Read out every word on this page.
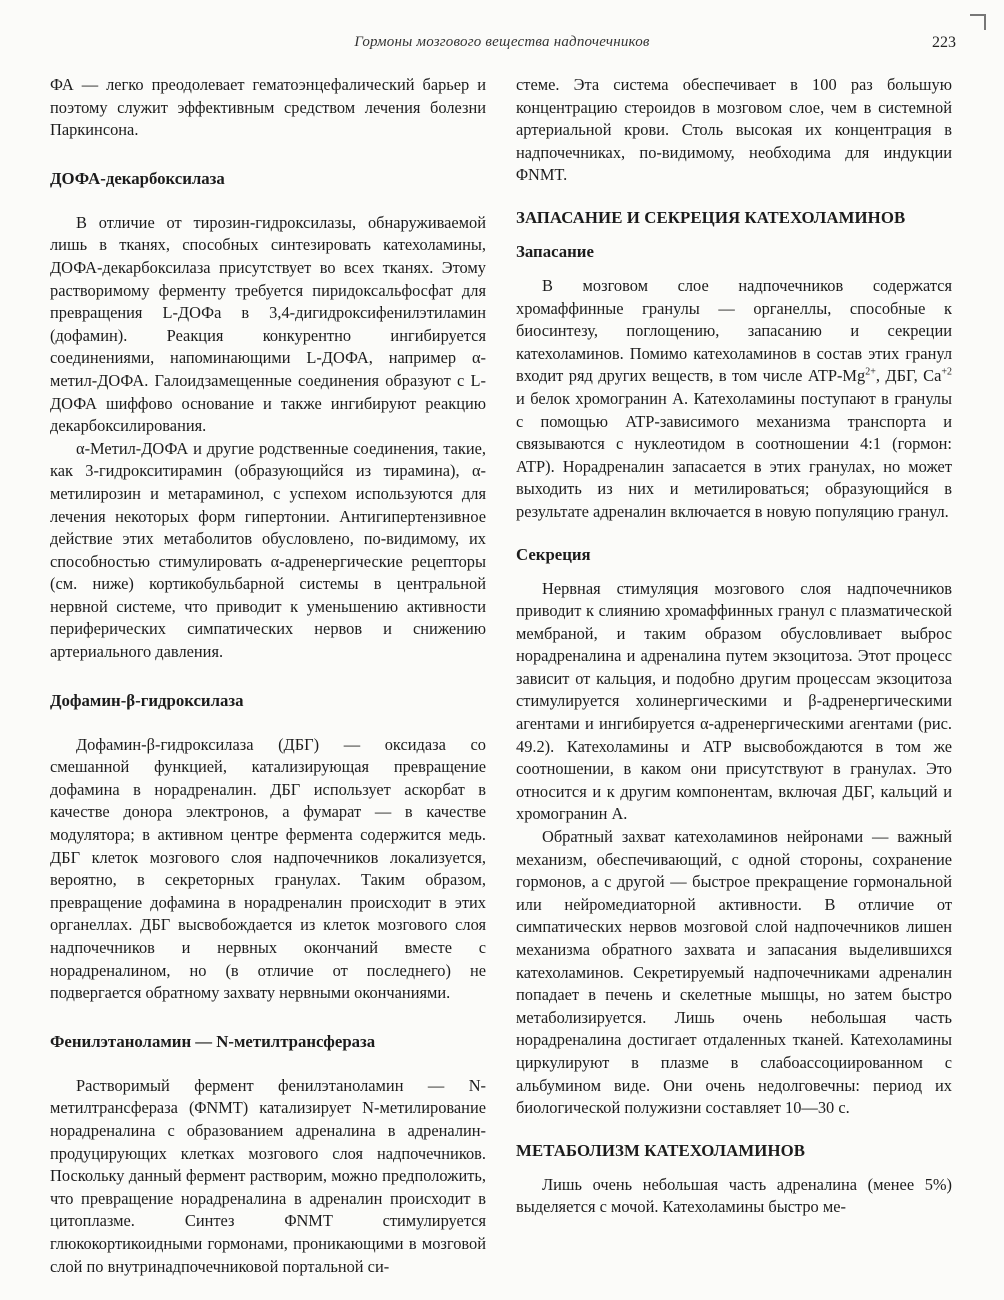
Гормоны мозгового вещества надпочечников	223

ФА — легко преодолевает гематоэнцефалический барьер и поэтому служит эффективным средством лечения болезни Паркинсона.

ДОФА-декарбоксилаза

В отличие от тирозин-гидроксилазы, обнаруживаемой лишь в тканях, способных синтезировать катехоламины, ДОФА-декарбоксилаза присутствует во всех тканях. Этому растворимому ферменту требуется пиридоксальфосфат для превращения L-ДОФа в 3,4-дигидроксифенилэтиламин (дофамин). Реакция конкурентно ингибируется соединениями, напоминающими L-ДОФА, например α-метил-ДОФА. Галоидзамещенные соединения образуют с L-ДОФА шиффово основание и также ингибируют реакцию декарбоксилирования.

α-Метил-ДОФА и другие родственные соединения, такие, как 3-гидрокситирамин (образующийся из тирамина), α-метилирозин и метараминол, с успехом используются для лечения некоторых форм гипертонии. Антигипертензивное действие этих метаболитов обусловлено, по-видимому, их способностью стимулировать α-адренергические рецепторы (см. ниже) кортикобульбарной системы в центральной нервной системе, что приводит к уменьшению активности периферических симпатических нервов и снижению артериального давления.

Дофамин-β-гидроксилаза

Дофамин-β-гидроксилаза (ДБГ) — оксидаза со смешанной функцией, катализирующая превращение дофамина в норадреналин. ДБГ использует аскорбат в качестве донора электронов, а фумарат — в качестве модулятора; в активном центре фермента содержится медь. ДБГ клеток мозгового слоя надпочечников локализуется, вероятно, в секреторных гранулах. Таким образом, превращение дофамина в норадреналин происходит в этих органеллах. ДБГ высвобождается из клеток мозгового слоя надпочечников и нервных окончаний вместе с норадреналином, но (в отличие от последнего) не подвергается обратному захвату нервными окончаниями.

Фенилэтаноламин — N-метилтрансфераза

Растворимый фермент фенилэтаноламин — N-метилтрансфераза (ΦNMT) катализирует N-метилирование норадреналина с образованием адреналина в адреналин-продуцирующих клетках мозгового слоя надпочечников. Поскольку данный фермент растворим, можно предположить, что превращение норадреналина в адреналин происходит в цитоплазме. Синтез ΦNMT стимулируется глюкокортикоидными гормонами, проникающими в мозговой слой по внутринадпочечниковой портальной си-

стеме. Эта система обеспечивает в 100 раз большую концентрацию стероидов в мозговом слое, чем в системной артериальной крови. Столь высокая их концентрация в надпочечниках, по-видимому, необходима для индукции ΦNMT.

ЗАПАСАНИЕ И СЕКРЕЦИЯ КАТЕХОЛАМИНОВ
Запасание

В мозговом слое надпочечников содержатся хромаффинные гранулы — органеллы, способные к биосинтезу, поглощению, запасанию и секреции катехоламинов. Помимо катехоламинов в состав этих гранул входит ряд других веществ, в том числе ATP-$Mg^{2+}$, ДБГ, $Ca^{+2}$ и белок хромогранин А. Катехоламины поступают в гранулы с помощью ATP-зависимого механизма транспорта и связываются с нуклеотидом в соотношении 4:1 (гормон: ATP). Норадреналин запасается в этих гранулах, но может выходить из них и метилироваться; образующийся в результате адреналин включается в новую популяцию гранул.

Секреция

Нервная стимуляция мозгового слоя надпочечников приводит к слиянию хромаффинных гранул с плазматической мембраной, и таким образом обусловливает выброс норадреналина и адреналина путем экзоцитоза. Этот процесс зависит от кальция, и подобно другим процессам экзоцитоза стимулируется холинергическими и β-адренергическими агентами и ингибируется α-адренергическими агентами (рис. 49.2). Катехоламины и ATP высвобождаются в том же соотношении, в каком они присутствуют в гранулах. Это относится и к другим компонентам, включая ДБГ, кальций и хромогранин А.

Обратный захват катехоламинов нейронами — важный механизм, обеспечивающий, с одной стороны, сохранение гормонов, а с другой — быстрое прекращение гормональной или нейромедиаторной активности. В отличие от симпатических нервов мозговой слой надпочечников лишен механизма обратного захвата и запасания выделившихся катехоламинов. Секретируемый надпочечниками адреналин попадает в печень и скелетные мышцы, но затем быстро метаболизируется. Лишь очень небольшая часть норадреналина достигает отдаленных тканей. Катехоламины циркулируют в плазме в слабоассоциированном с альбумином виде. Они очень недолговечны: период их биологической полужизни составляет 10—30 с.

МЕТАБОЛИЗМ КАТЕХОЛАМИНОВ

Лишь очень небольшая часть адреналина (менее 5%) выделяется с мочой. Катехоламины быстро ме-
